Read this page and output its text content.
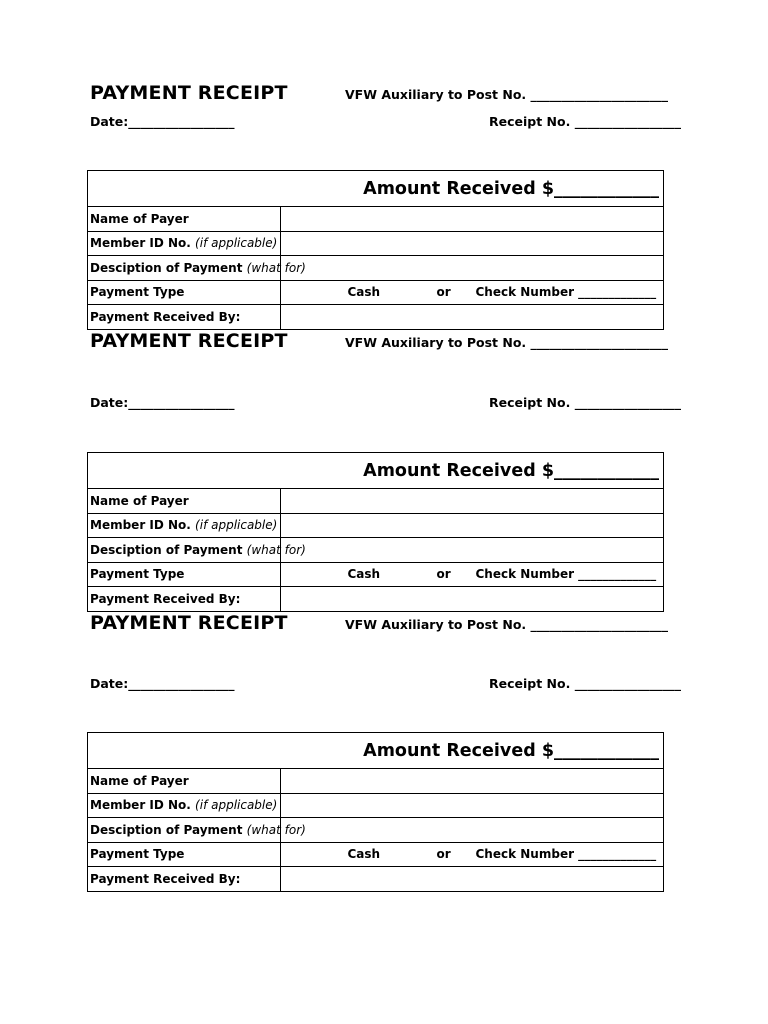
PAYMENT RECEIPT	VFW Auxiliary to Post No. ______________________
Date:_________________	Receipt No. _________________
	Amount Received $____________
Name of Payer	
Member ID No. (if applicable)	
Desciption of Payment (what for)	
Payment Type	Cash or Check Number _____________

Payment Received By:	
PAYMENT RECEIPT	VFW Auxiliary to Post No. ______________________
Date:_________________	Receipt No. _________________
	Amount Received $____________
Name of Payer	
Member ID No. (if applicable)	
Desciption of Payment (what for)	
Payment Type	Cash or Check Number _____________

Payment Received By:	
PAYMENT RECEIPT	VFW Auxiliary to Post No. ______________________
Date:_________________	Receipt No. _________________
	Amount Received $____________
Name of Payer	
Member ID No. (if applicable)	
Desciption of Payment (what for)	
Payment Type	Cash or Check Number _____________

Payment Received By:	
